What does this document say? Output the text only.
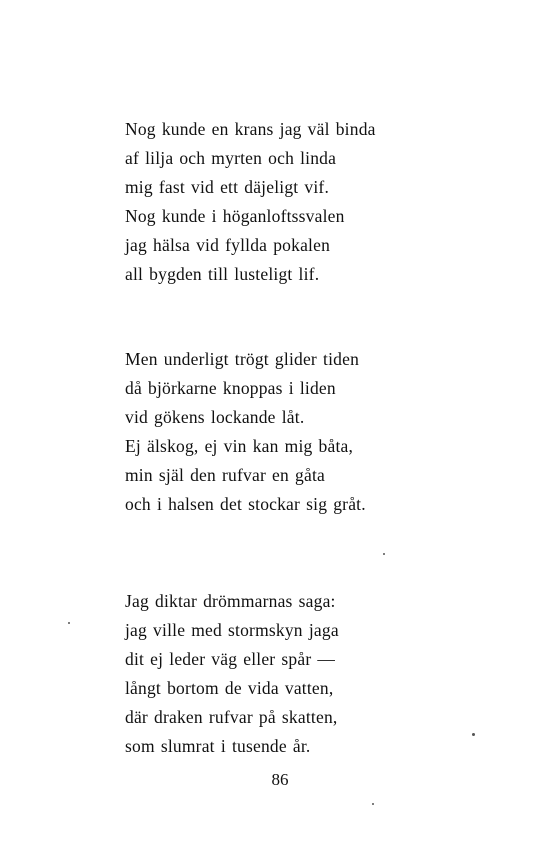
Nog kunde en krans jag väl binda
af lilja och myrten och linda
mig fast vid ett däjeligt vif.
Nog kunde i höganloftssvalen
jag hälsa vid fyllda pokalen
all bygden till lusteligt lif.
Men underligt trögt glider tiden
då björkarne knoppas i liden
vid gökens lockande låt.
Ej älskog, ej vin kan mig båta,
min själ den rufvar en gåta
och i halsen det stockar sig gråt.
Jag diktar drömmarnas saga:
jag ville med stormskyn jaga
dit ej leder väg eller spår —
långt bortom de vida vatten,
där draken rufvar på skatten,
som slumrat i tusende år.
86
